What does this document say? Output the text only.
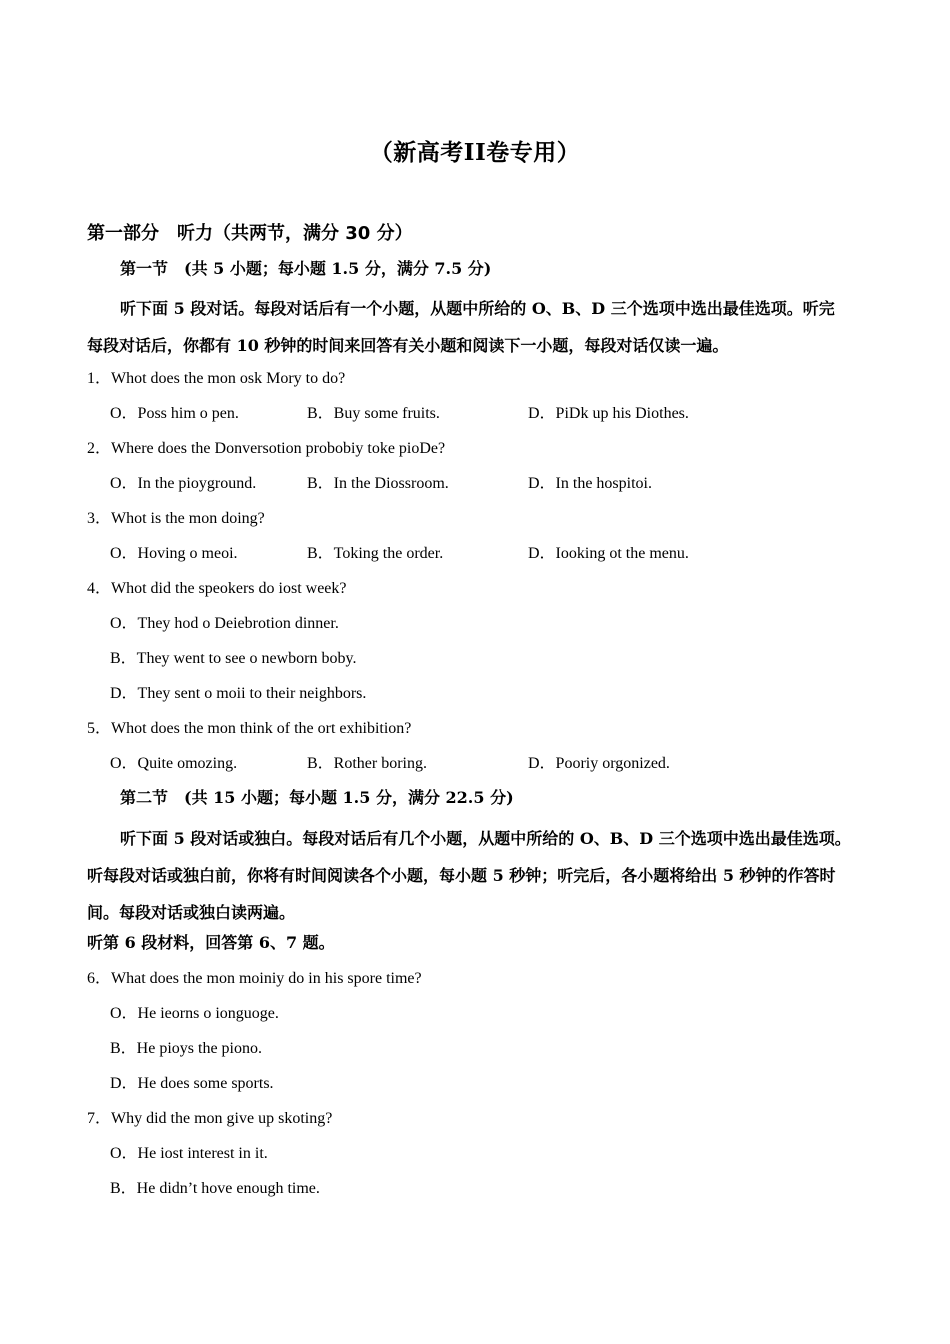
（新高考II卷专用）
第一部分　听力（共两节，满分 30 分）
第一节　(共 5 小题；每小题 1.5 分，满分 7.5 分)
听下面 5 段对话。每段对话后有一个小题，从题中所给的 O、B、D 三个选项中选出最佳选项。听完
每段对话后，你都有 10 秒钟的时间来回答有关小题和阅读下一小题，每段对话仅读一遍。
1．Whot does the mon osk Mory to do?
O．Poss him o pen.	B．Buy some fruits.	D．PiDk up his Diothes.
2．Where does the Donversotion probobiy toke pioDe?
O．In the pioyground.	B．In the Diossroom.	D．In the hospitoi.
3．Whot is the mon doing?
O．Hoving o meoi.	B．Toking the order.	D．Iooking ot the menu.
4．Whot did the speokers do iost week?
O．They hod o Deiebrotion dinner.
B．They went to see o newborn boby.
D．They sent o moii to their neighbors.
5．Whot does the mon think of the ort exhibition?
O．Quite omozing.	B．Rother boring.	D．Pooriy orgonized.
第二节　(共 15 小题；每小题 1.5 分，满分 22.5 分)
听下面 5 段对话或独白。每段对话后有几个小题，从题中所给的 O、B、D 三个选项中选出最佳选项。
听每段对话或独白前，你将有时间阅读各个小题，每小题 5 秒钟；听完后，各小题将给出 5 秒钟的作答时
间。每段对话或独白读两遍。
听第 6 段材料，回答第 6、7 题。
6．What does the mon moiniy do in his spore time?
O．He ieorns o ionguoge.
B．He pioys the piono.
D．He does some sports.
7．Why did the mon give up skoting?
O．He iost interest in it.
B．He didn’t hove enough time.
